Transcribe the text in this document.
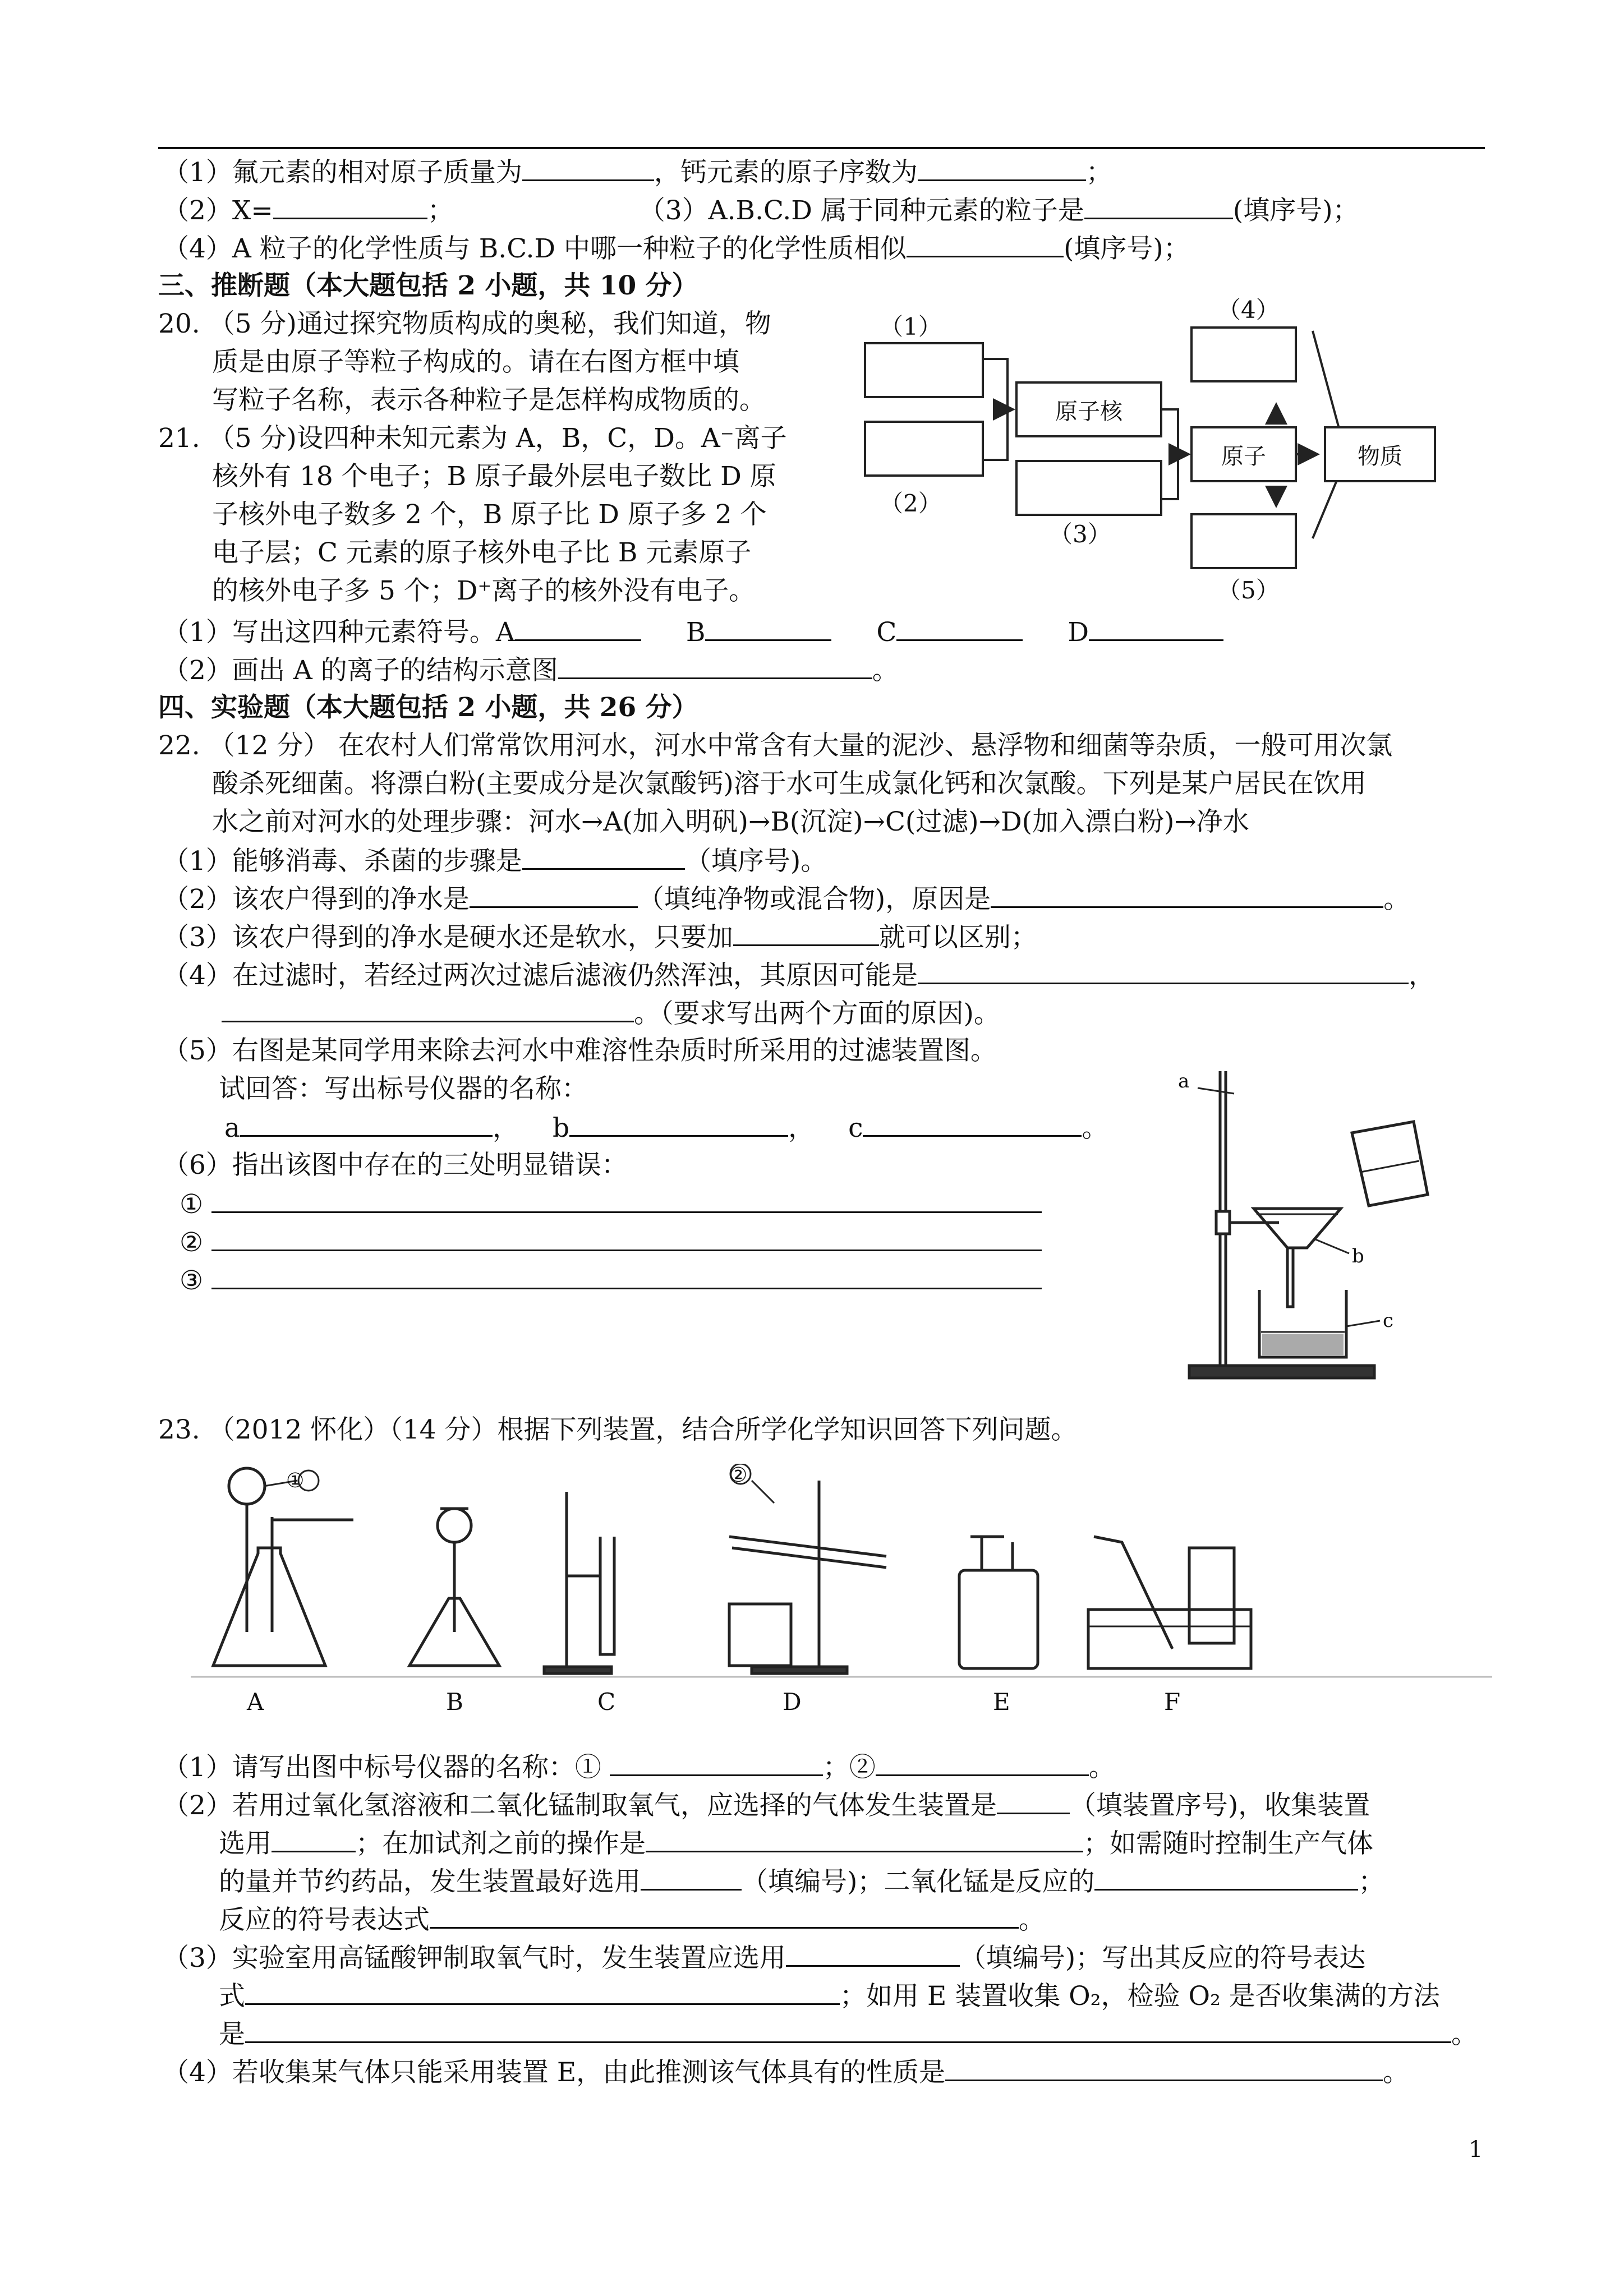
（1）氟元素的相对原子质量为	，钙元素的原子序数为	；
（2）X=	；	（3）A.B.C.D 属于同种元素的粒子是	(填序号)；
（4）A 粒子的化学性质与 B.C.D 中哪一种粒子的化学性质相似	(填序号)；
三、推断题（本大题包括 2 小题，共 10 分）
20. （5 分)通过探究物质构成的奥秘，我们知道，物
质是由原子等粒子构成的。请在右图方框中填
写粒子名称，表示各种粒子是怎样构成物质的。
21. （5 分)设四种未知元素为 A，B，C，D。A⁻离子
核外有 18 个电子；B 原子最外层电子数比 D 原
子核外电子数多 2 个，B 原子比 D 原子多 2 个
电子层；C 元素的原子核外电子比 B 元素原子
的核外电子多 5 个；D⁺离子的核外没有电子。
（1）写出这四种元素符号。A	B	C	D
（2）画出 A 的离子的结构示意图	。
原子核
原子	物质
（1）
（2）
（3）
（4）
（5）
四、实验题（本大题包括 2 小题，共 26 分）
22. （12 分） 在农村人们常常饮用河水，河水中常含有大量的泥沙、悬浮物和细菌等杂质，一般可用次氯
酸杀死细菌。将漂白粉(主要成分是次氯酸钙)溶于水可生成氯化钙和次氯酸。下列是某户居民在饮用
水之前对河水的处理步骤：河水→A(加入明矾)→B(沉淀)→C(过滤)→D(加入漂白粉)→净水
（1）能够消毒、杀菌的步骤是	（填序号)。
（2）该农户得到的净水是	（填纯净物或混合物)，原因是	。
（3）该农户得到的净水是硬水还是软水，只要加	就可以区别；
（4）在过滤时，若经过两次过滤后滤液仍然浑浊，其原因可能是	，
。（要求写出两个方面的原因)。
（5）右图是某同学用来除去河水中难溶性杂质时所采用的过滤装置图。
试回答：写出标号仪器的名称：
a	， b	， c	。
（6）指出该图中存在的三处明显错误：
①
②
③
a
b
c
23. （2012 怀化）（14 分）根据下列装置，结合所学化学知识回答下列问题。
①	②
A	B	C	D	E	F
（1）请写出图中标号仪器的名称：①	；②	。
（2）若用过氧化氢溶液和二氧化锰制取氧气，应选择的气体发生装置是	（填装置序号)，收集装置
选用	；在加试剂之前的操作是	；如需随时控制生产气体
的量并节约药品，发生装置最好选用	（填编号)；二氧化锰是反应的	；
反应的符号表达式	。
（3）实验室用高锰酸钾制取氧气时，发生装置应选用	（填编号)；写出其反应的符号表达
式	；如用 E 装置收集 O₂，检验 O₂ 是否收集满的方法
是	。
（4）若收集某气体只能采用装置 E，由此推测该气体具有的性质是	。
1
